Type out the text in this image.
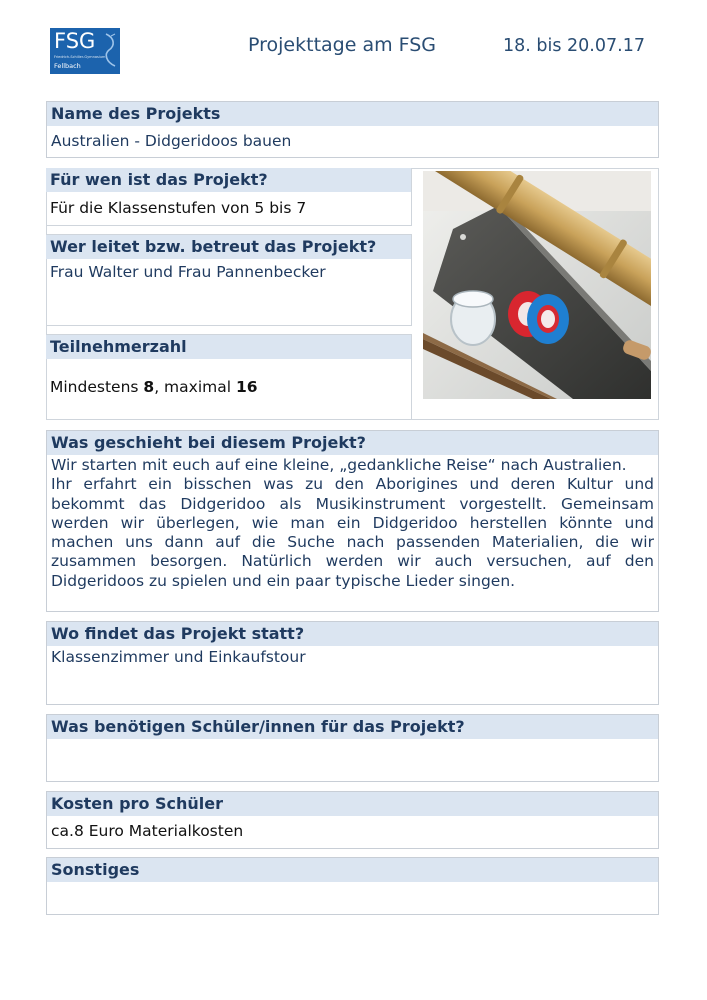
FSG
Friedrich-Schiller-Gymnasium
Fellbach
Projekttage am FSG	18. bis 20.07.17
Name des Projekts
Australien - Didgeridoos bauen
Für wen ist das Projekt?
Für die Klassenstufen von 5 bis 7
Wer leitet bzw. betreut das Projekt?
Frau Walter und Frau Pannenbecker
Teilnehmerzahl
Mindestens 8, maximal 16
Was geschieht bei diesem Projekt?
Wir starten mit euch auf eine kleine, „gedankliche Reise“ nach Australien.
Ihr erfahrt ein bisschen was zu den Aborigines und deren Kultur und bekommt das Didgeridoo als Musikinstrument vorgestellt. Gemeinsam werden wir überlegen, wie man ein Didgeridoo herstellen könnte und machen uns dann auf die Suche nach passenden Materialien, die wir zusammen besorgen. Natürlich werden wir auch versuchen, auf den Didgeridoos zu spielen und ein paar typische Lieder singen.
Wo findet das Projekt statt?
Klassenzimmer und Einkaufstour
Was benötigen Schüler/innen für das Projekt?
Kosten pro Schüler
ca.8 Euro Materialkosten
Sonstiges
